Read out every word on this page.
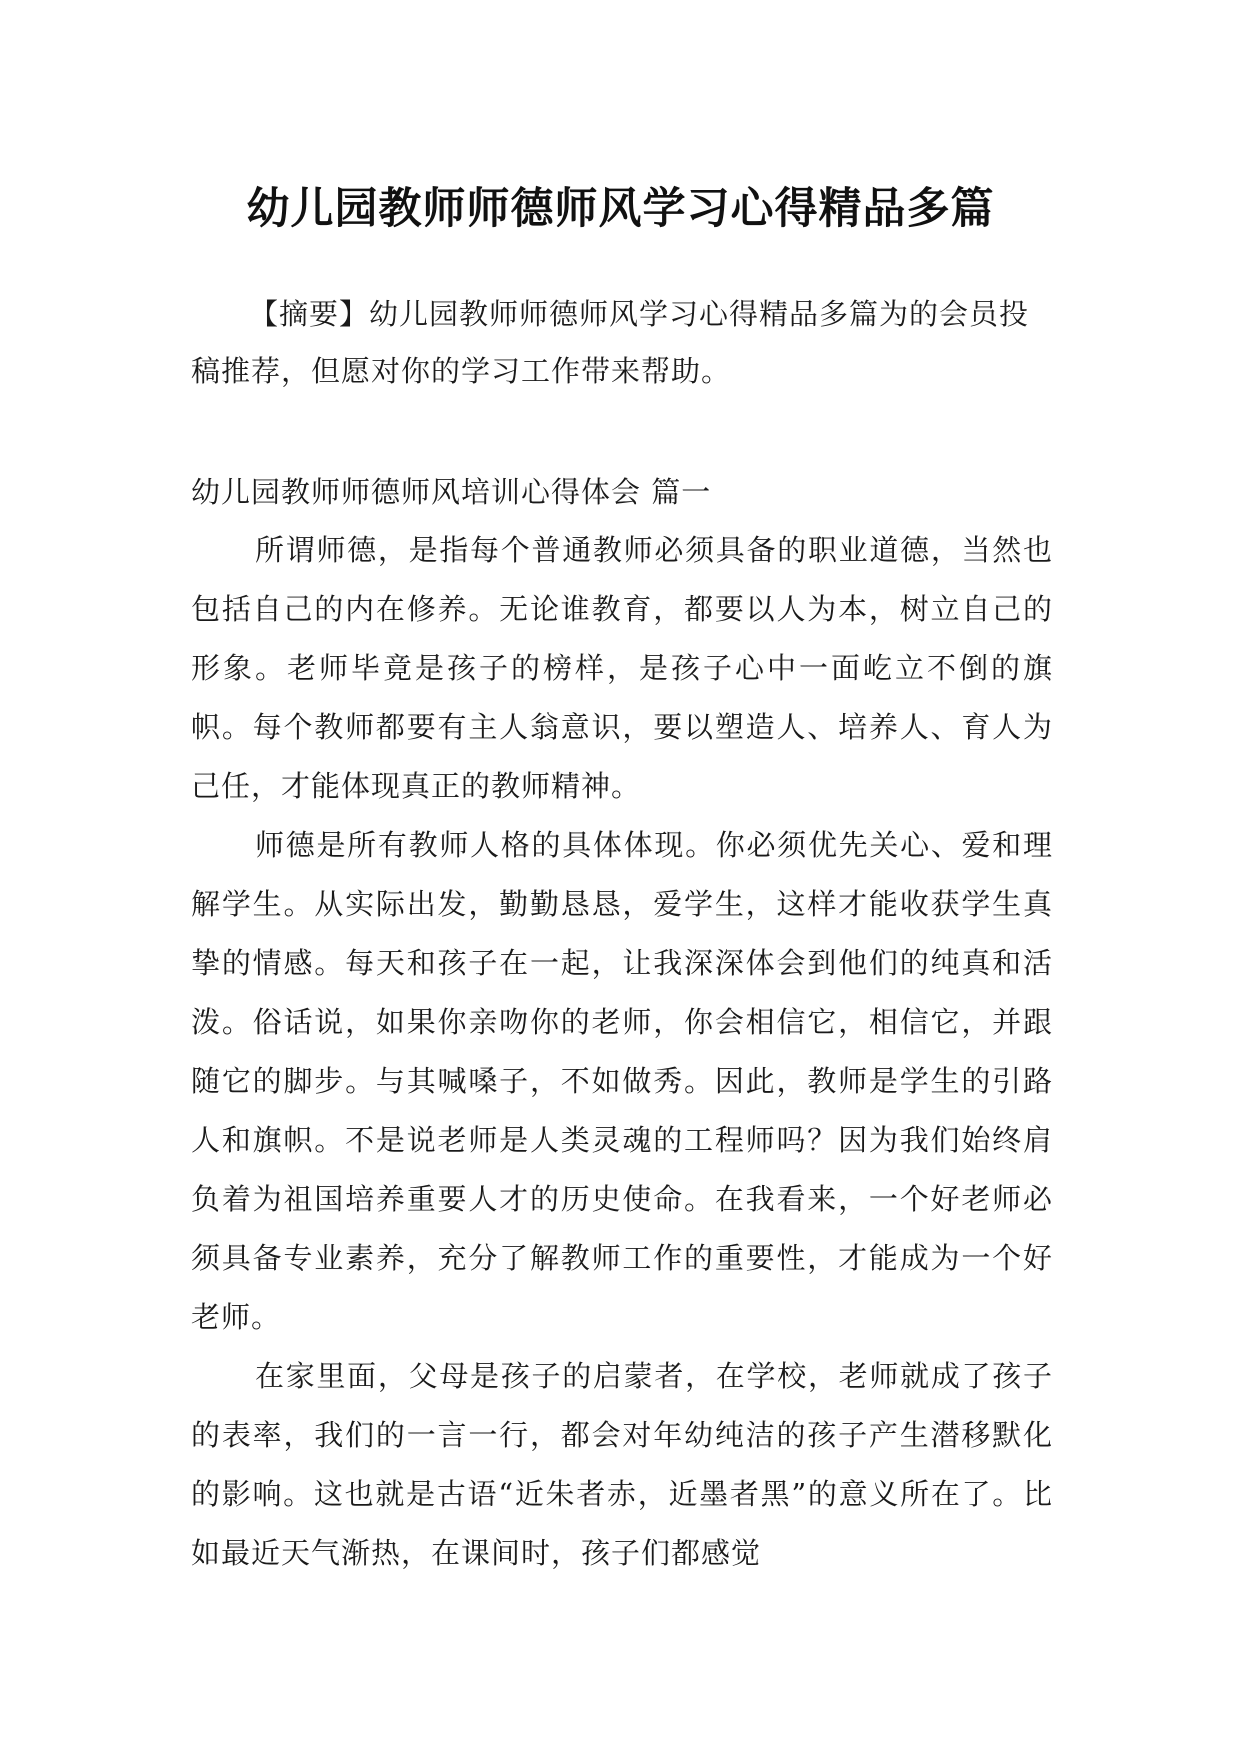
幼儿园教师师德师风学习心得精品多篇

【摘要】幼儿园教师师德师风学习心得精品多篇为的会员投稿推荐，但愿对你的学习工作带来帮助。

幼儿园教师师德师风培训心得体会 篇一

所谓师德，是指每个普通教师必须具备的职业道德，当然也包括自己的内在修养。无论谁教育，都要以人为本，树立自己的形象。老师毕竟是孩子的榜样，是孩子心中一面屹立不倒的旗帜。每个教师都要有主人翁意识，要以塑造人、培养人、育人为己任，才能体现真正的教师精神。

师德是所有教师人格的具体体现。你必须优先关心、爱和理解学生。从实际出发，勤勤恳恳，爱学生，这样才能收获学生真挚的情感。每天和孩子在一起，让我深深体会到他们的纯真和活泼。俗话说，如果你亲吻你的老师，你会相信它，相信它，并跟随它的脚步。与其喊嗓子，不如做秀。因此，教师是学生的引路人和旗帜。不是说老师是人类灵魂的工程师吗？因为我们始终肩负着为祖国培养重要人才的历史使命。在我看来，一个好老师必须具备专业素养，充分了解教师工作的重要性，才能成为一个好老师。

在家里面，父母是孩子的启蒙者，在学校，老师就成了孩子的表率，我们的一言一行，都会对年幼纯洁的孩子产生潜移默化的影响。这也就是古语“近朱者赤，近墨者黑”的意义所在了。比如最近天气渐热，在课间时，孩子们都感觉
